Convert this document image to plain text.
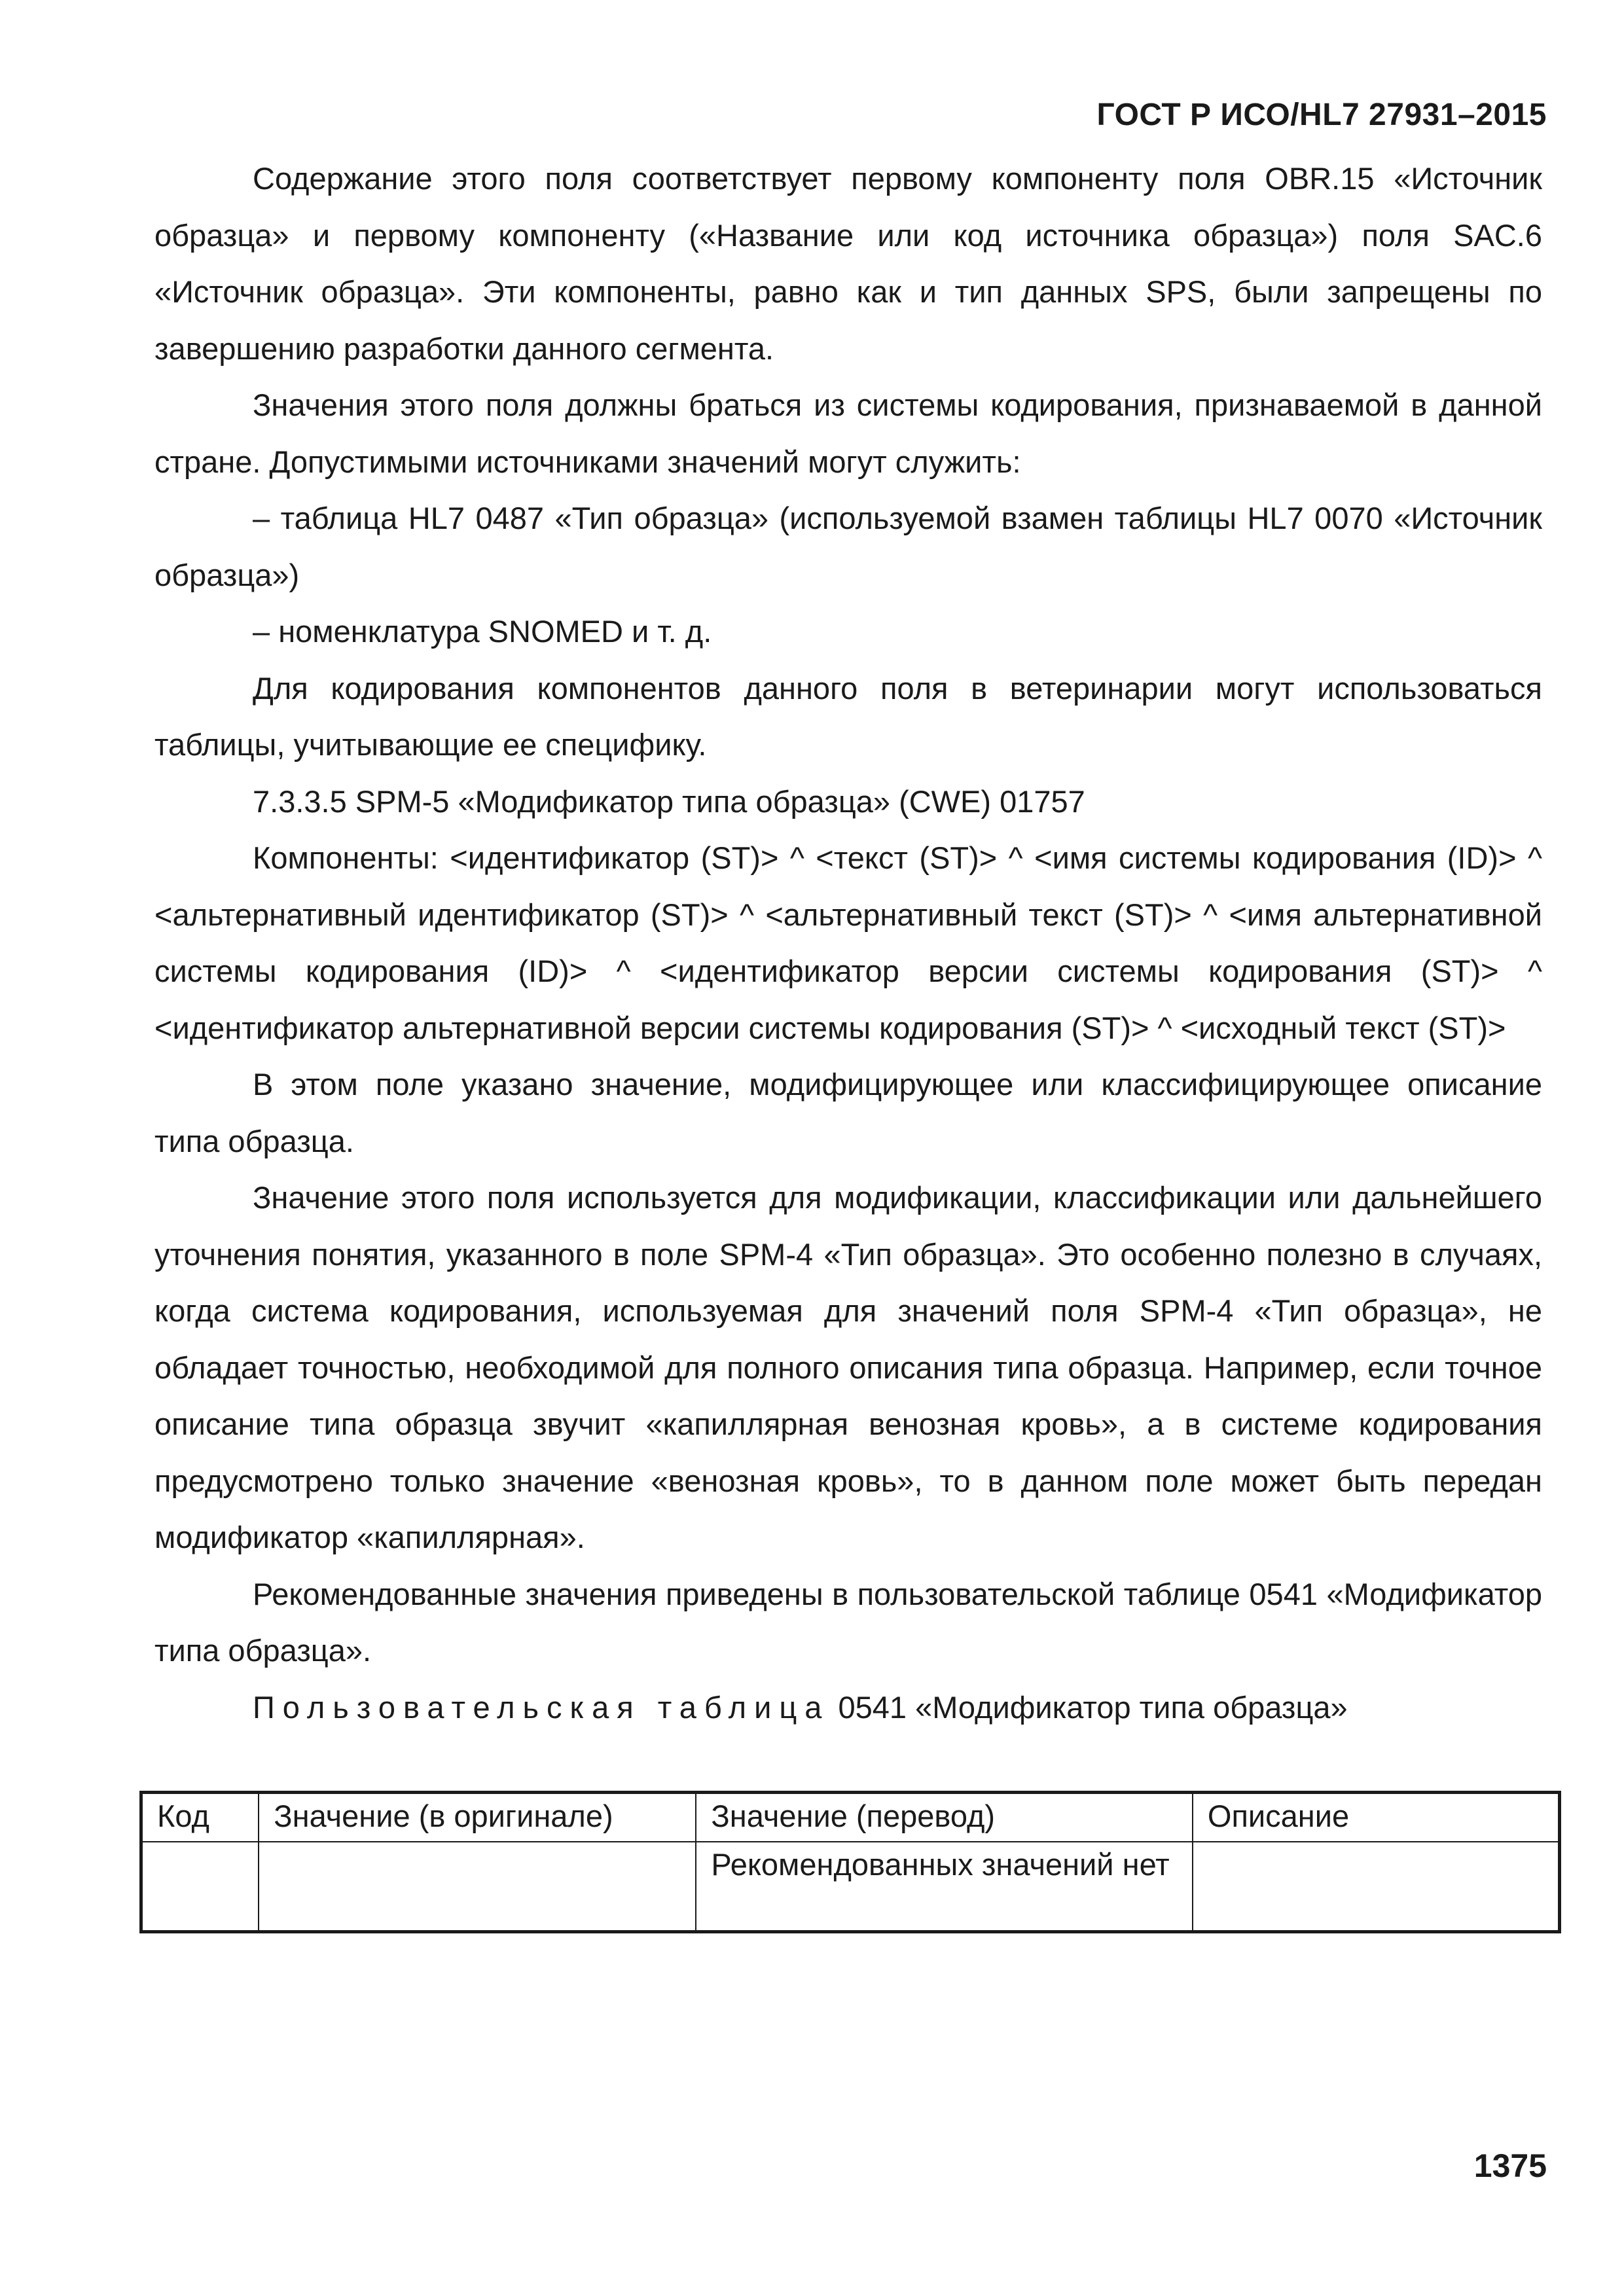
ГОСТ Р ИСО/HL7 27931–2015

Содержание этого поля соответствует первому компоненту поля OBR.15 «Источник образца» и первому компоненту («Название или код источника образца») поля SAC.6 «Источник образца». Эти компоненты, равно как и тип данных SPS, были запрещены по завершению разработки данного сегмента.

Значения этого поля должны браться из системы кодирования, признаваемой в данной стране. Допустимыми источниками значений могут служить:

– таблица HL7 0487 «Тип образца» (используемой взамен таблицы HL7 0070 «Источник образца»)

– номенклатура SNOMED и т. д.

Для кодирования компонентов данного поля в ветеринарии могут использоваться таблицы, учитывающие ее специфику.

7.3.3.5 SPM-5 «Модификатор типа образца» (CWE) 01757

Компоненты: <идентификатор (ST)> ^ <текст (ST)> ^ <имя системы кодирования (ID)> ^ <альтернативный идентификатор (ST)> ^ <альтернативный текст (ST)> ^ <имя альтернативной системы кодирования (ID)> ^ <идентификатор версии системы кодирования (ST)> ^ <идентификатор альтернативной версии системы кодирования (ST)> ^ <исходный текст (ST)>

В этом поле указано значение, модифицирующее или классифицирующее описание типа образца.

Значение этого поля используется для модификации, классификации или дальнейшего уточнения понятия, указанного в поле SPM-4 «Тип образца». Это особенно полезно в случаях, когда система кодирования, используемая для значений поля SPM-4 «Тип образца», не обладает точностью, необходимой для полного описания типа образца. Например, если точное описание типа образца звучит «капиллярная венозная кровь», а в системе кодирования предусмотрено только значение «венозная кровь», то в данном поле может быть передан модификатор «капиллярная».

Рекомендованные значения приведены в пользовательской таблице 0541 «Модификатор типа образца».

Пользовательская таблица 0541 «Модификатор типа образца»

Код	Значение (в оригинале)	Значение (перевод)	Описание
		Рекомендованных значений нет	
1375
